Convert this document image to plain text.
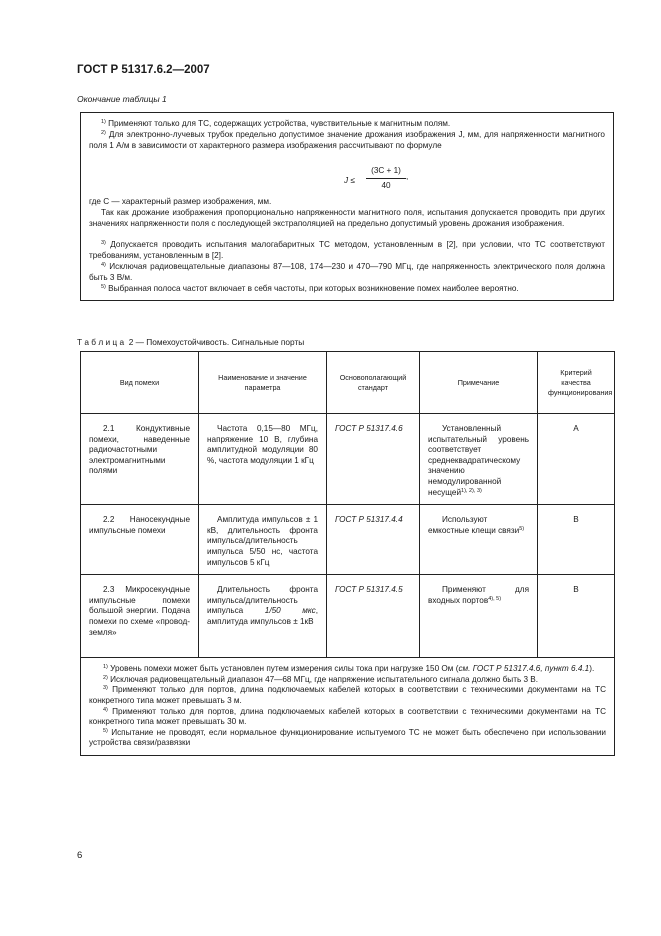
ГОСТ Р 51317.6.2—2007
Окончание таблицы 1
$^{1)}$ Применяют только для ТС, содержащих устройства, чувствительные к магнитным полям.
$^{2)}$ Для электронно-лучевых трубок предельно допустимое значение дрожания изображения J, мм, для напряженности магнитного поля 1 А/м в зависимости от характерного размера изображения рассчитывают по формуле
где C — характерный размер изображения, мм.
Так как дрожание изображения пропорционально напряженности магнитного поля, испытания допускается проводить при других значениях напряженности поля с последующей экстраполяцией на предельно допустимый уровень дрожания изображения.
$^{3)}$ Допускается проводить испытания малогабаритных ТС методом, установленным в [2], при условии, что ТС соответствуют требованиям, установленным в [2].
$^{4)}$ Исключая радиовещательные диапазоны 87—108, 174—230 и 470—790 МГц, где напряженность электрического поля должна быть 3 В/м.
$^{5)}$ Выбранная полоса частот включает в себя частоты, при которых возникновение помех наиболее вероятно.
J ≤
(3C + 1)
40
,
Т а б л и ц а  2 — Помехоустойчивость. Сигнальные порты
Вид помехи	Наименование и значение параметра	Основополагающий стандарт	Примечание	Критерий качества функционирования
2.1 Кондуктивные помехи, наведенные радиочастотными электромагнитными полями	Частота 0,15—80 МГц, напряжение 10 В, глубина амплитудной модуляции 80 %, частота модуляции 1 кГц	ГОСТ Р 51317.4.6	Установленный испытательный уровень соответствует среднеквадратическому значению немодулированной несущей$^{1), 2), 3)}$	A
2.2 Наносекундные импульсные помехи	Амплитуда импульсов ± 1 кВ, длительность фронта импульса/длительность импульса 5/50 нс, частота импульсов 5 кГц	ГОСТ Р 51317.4.4	Используют емкостные клещи связи$^{5)}$	B
2.3 Микросекундные импульсные помехи большой энергии. Подача помехи по схеме «провод-земля»	Длительность фронта импульса/длительность импульса 1/50 мкс, амплитуда импульсов ± 1кВ	ГОСТ Р 51317.4.5	Применяют для входных портов$^{4), 5)}$	B

$^{1)}$ Уровень помехи может быть установлен путем измерения силы тока при нагрузке 150 Ом (см. ГОСТ Р 51317.4.6, пункт 6.4.1).
$^{2)}$ Исключая радиовещательный диапазон 47—68 МГц, где напряжение испытательного сигнала должно быть 3 В.
$^{3)}$ Применяют только для портов, длина подключаемых кабелей которых в соответствии с техническими документами на ТС конкретного типа может превышать 3 м.
$^{4)}$ Применяют только для портов, длина подключаемых кабелей которых в соответствии с техническими документами на ТС конкретного типа может превышать 30 м.
$^{5)}$ Испытание не проводят, если нормальное функционирование испытуемого ТС не может быть обеспечено при использовании устройства связи/развязки				
6
